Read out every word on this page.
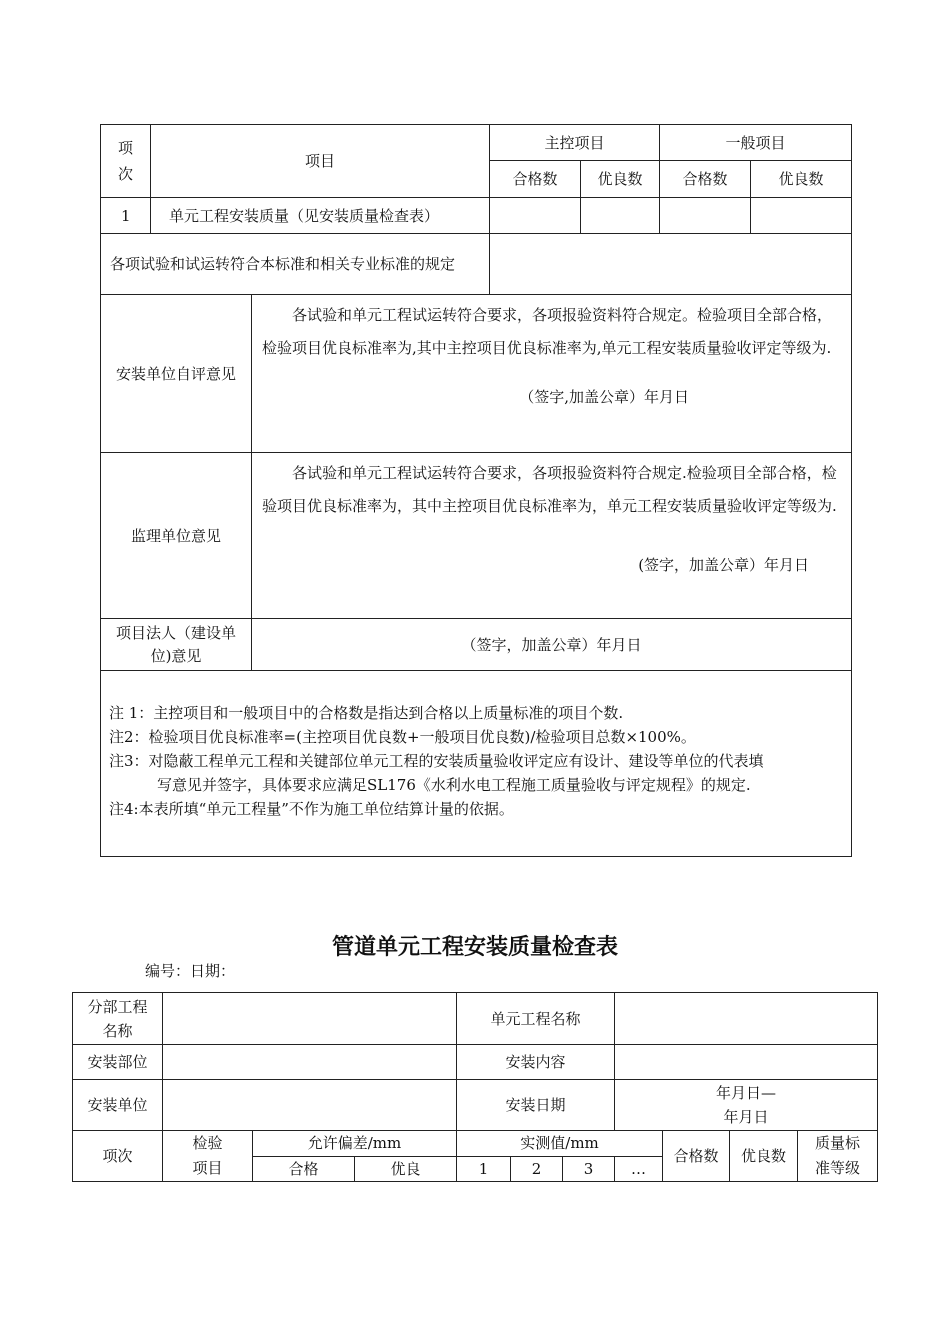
项次	项目		主控项目		一般项目	
			合格数	优良数	合格数	优良数
1	单元工程安装质量（见安装质量检查表）					
各项试验和试运转符合本标准和相关专业标准的规定						
安装单位自评意见		各试验和单元工程试运转符合要求，各项报验资料符合规定。检验项目全部合格，检验项目优良标准率为,其中主控项目优良标准率为,单元工程安装质量验收评定等级为.
（签字,加盖公章）年月日				

监理单位意见		各试验和单元工程试运转符合要求，各项报验资料符合规定.检验项目全部合格，检验项目优良标准率为，其中主控项目优良标准率为，单元工程安装质量验收评定等级为.
(签字，加盖公章）年月日				

项目法人（建设单位)意见		（签字，加盖公章）年月日				

注 1：主控项目和一般项目中的合格数是指达到合格以上质量标准的项目个数.
注2：检验项目优良标准率=(主控项目优良数+一般项目优良数)/检验项目总数×100%。
注3：对隐蔽工程单元工程和关键部位单元工程的安装质量验收评定应有设计、建设等单位的代表填
写意见并签字，具体要求应满足SL176《水利水电工程施工质量验收与评定规程》的规定.
注4:本表所填“单元工程量”不作为施工单位结算计量的依据。						
管道单元工程安装质量检查表
编号：日期：
分部工程名称				单元工程名称						
安装部位				安装内容						
安装单位				安装日期			年月日—
年月日			

项次	检验项目	允许偏差/mm		实测值/mm				合格数	优良数	质量标准等级

		合格	优良	1	2	3	…			
